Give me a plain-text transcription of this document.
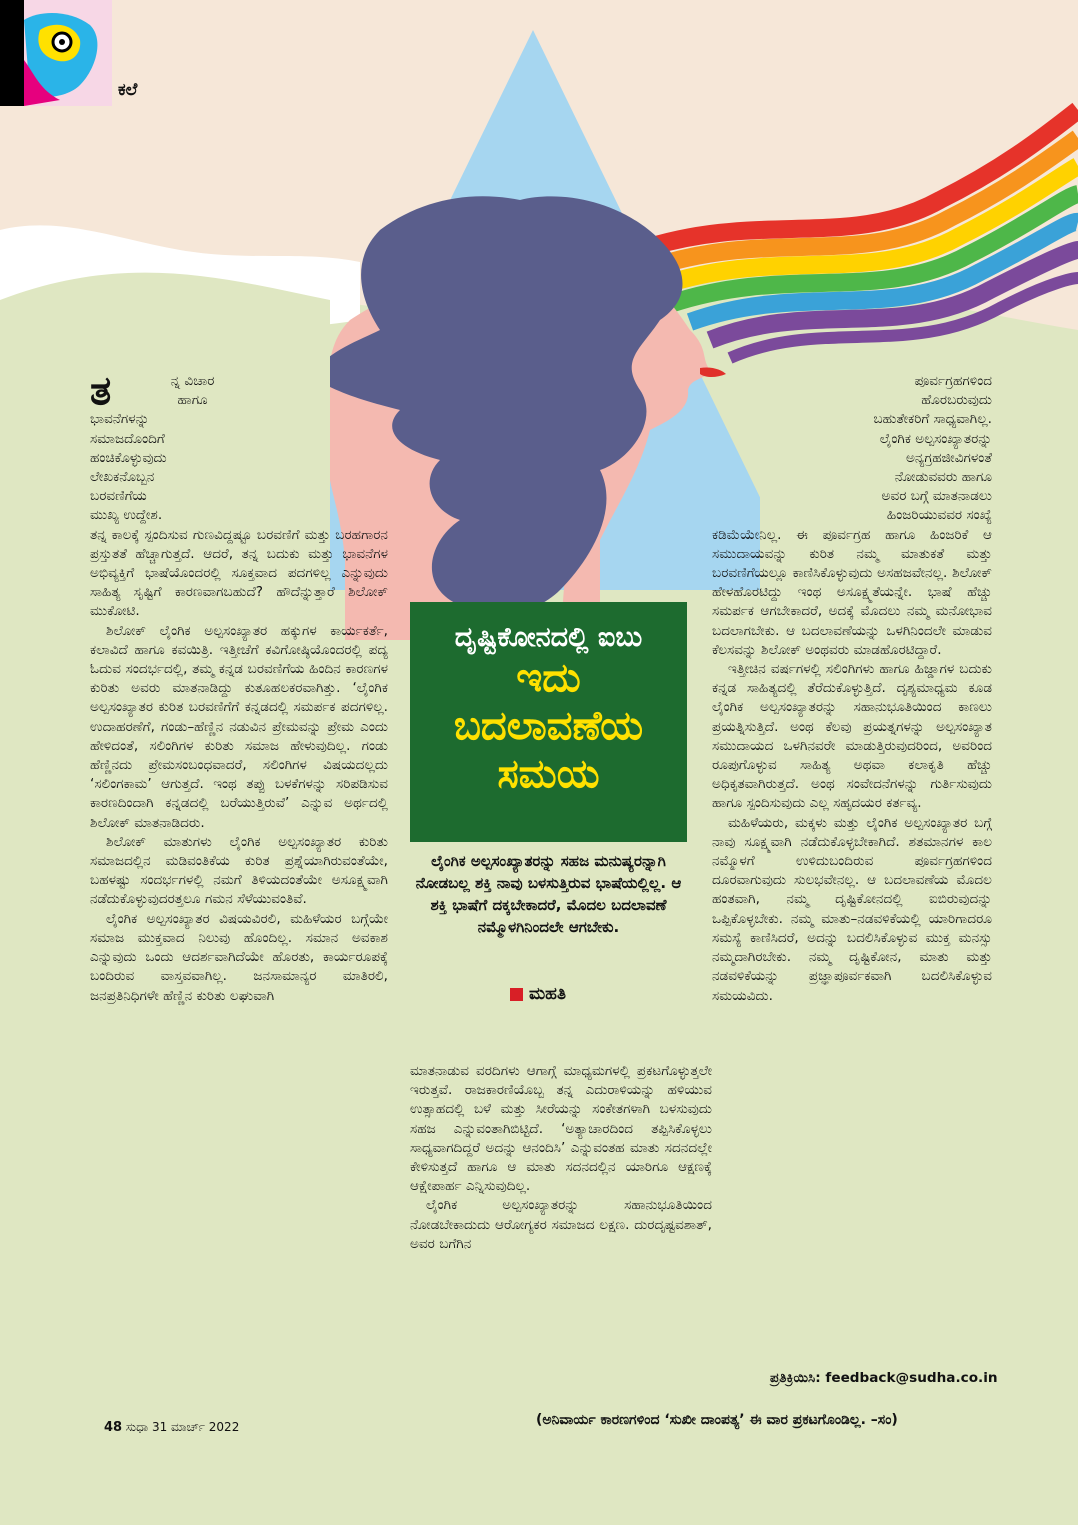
ಕಲೆ

ತ	ನ್ನ ವಿಚಾರ
ಹಾಗೂ
ಭಾವನೆಗಳನ್ನು
ಸಮಾಜದೊಂದಿಗೆ
ಹಂಚಿಕೊಳ್ಳುವುದು
ಲೇಖಕನೊಬ್ಬನ
ಬರವಣಿಗೆಯ
ಮುಖ್ಯ ಉದ್ದೇಶ.

ತನ್ನ ಕಾಲಕ್ಕೆ ಸ್ಪಂದಿಸುವ ಗುಣವಿದ್ದಷ್ಟೂ ಬರವಣಿಗೆ ಮತ್ತು ಬರಹಗಾರನ ಪ್ರಸ್ತುತತೆ ಹೆಚ್ಚಾಗುತ್ತದೆ. ಆದರೆ, ತನ್ನ ಬದುಕು ಮತ್ತು ಭಾವನೆಗಳ ಅಭಿವ್ಯಕ್ತಿಗೆ ಭಾಷೆಯೊಂದರಲ್ಲಿ ಸೂಕ್ತವಾದ ಪದಗಳಿಲ್ಲ ಎನ್ನುವುದು ಸಾಹಿತ್ಯ ಸೃಷ್ಟಿಗೆ ಕಾರಣವಾಗಬಹುದೆ? ಹೌದೆನ್ನುತ್ತಾರೆ ಶಿಲೋಕ್ ಮುಕೋಟಿ.

ಶಿಲೋಕ್ ಲೈಂಗಿಕ ಅಲ್ಪಸಂಖ್ಯಾತರ ಹಕ್ಕುಗಳ ಕಾರ್ಯಕರ್ತೆ, ಕಲಾವಿದೆ ಹಾಗೂ ಕವಯಿತ್ರಿ. ಇತ್ತೀಚೆಗೆ ಕವಿಗೋಷ್ಠಿಯೊಂದರಲ್ಲಿ ಪದ್ಯ ಓದುವ ಸಂದರ್ಭದಲ್ಲಿ, ತಮ್ಮ ಕನ್ನಡ ಬರವಣಿಗೆಯ ಹಿಂದಿನ ಕಾರಣಗಳ ಕುರಿತು ಅವರು ಮಾತನಾಡಿದ್ದು ಕುತೂಹಲಕರವಾಗಿತ್ತು. ‘ಲೈಂಗಿಕ ಅಲ್ಪಸಂಖ್ಯಾತರ ಕುರಿತ ಬರವಣಿಗೆಗೆ ಕನ್ನಡದಲ್ಲಿ ಸಮರ್ಪಕ ಪದಗಳಿಲ್ಲ. ಉದಾಹರಣೆಗೆ, ಗಂಡು–ಹೆಣ್ಣಿನ ನಡುವಿನ ಪ್ರೇಮವನ್ನು ಪ್ರೇಮ ಎಂದು ಹೇಳಿದಂತೆ, ಸಲಿಂಗಿಗಳ ಕುರಿತು ಸಮಾಜ ಹೇಳುವುದಿಲ್ಲ. ಗಂಡು ಹೆಣ್ಣಿನದು ಪ್ರೇಮಸಂಬಂಧವಾದರೆ, ಸಲಿಂಗಿಗಳ ವಿಷಯದಲ್ಲದು ‘ಸಲಿಂಗಕಾಮ’ ಆಗುತ್ತದೆ. ಇಂಥ ತಪ್ಪು ಬಳಕೆಗಳನ್ನು ಸರಿಪಡಿಸುವ ಕಾರಣದಿಂದಾಗಿ ಕನ್ನಡದಲ್ಲಿ ಬರೆಯುತ್ತಿರುವೆ’ ಎನ್ನುವ ಅರ್ಥದಲ್ಲಿ ಶಿಲೋಕ್ ಮಾತನಾಡಿದರು.

ಶಿಲೋಕ್ ಮಾತುಗಳು ಲೈಂಗಿಕ ಅಲ್ಪಸಂಖ್ಯಾತರ ಕುರಿತು ಸಮಾಜದಲ್ಲಿನ ಮಡಿವಂತಿಕೆಯ ಕುರಿತ ಪ್ರಶ್ನೆಯಾಗಿರುವಂತೆಯೇ, ಬಹಳಷ್ಟು ಸಂದರ್ಭಗಳಲ್ಲಿ ನಮಗೆ ತಿಳಿಯದಂತೆಯೇ ಅಸೂಕ್ಷ್ಮವಾಗಿ ನಡೆದುಕೊಳ್ಳುವುದರತ್ತಲೂ ಗಮನ ಸೆಳೆಯುವಂತಿವೆ.

ಲೈಂಗಿಕ ಅಲ್ಪಸಂಖ್ಯಾತರ ವಿಷಯವಿರಲಿ, ಮಹಿಳೆಯರ ಬಗ್ಗೆಯೇ ಸಮಾಜ ಮುಕ್ತವಾದ ನಿಲುವು ಹೊಂದಿಲ್ಲ. ಸಮಾನ ಅವಕಾಶ ಎನ್ನುವುದು ಒಂದು ಆದರ್ಶವಾಗಿದೆಯೇ ಹೊರತು, ಕಾರ್ಯರೂಪಕ್ಕೆ ಬಂದಿರುವ ವಾಸ್ತವವಾಗಿಲ್ಲ. ಜನಸಾಮಾನ್ಯರ ಮಾತಿರಲಿ, ಜನಪ್ರತಿನಿಧಿಗಳೇ ಹೆಣ್ಣಿನ ಕುರಿತು ಲಘುವಾಗಿ

ದೃಷ್ಟಿಕೋನದಲ್ಲಿ ಐಬು
ಇದು
ಬದಲಾವಣೆಯ
ಸಮಯ
ಲೈಂಗಿಕ ಅಲ್ಪಸಂಖ್ಯಾತರನ್ನು ಸಹಜ ಮನುಷ್ಯರನ್ನಾಗಿ ನೋಡಬಲ್ಲ ಶಕ್ತಿ ನಾವು ಬಳಸುತ್ತಿರುವ ಭಾಷೆಯಲ್ಲಿಲ್ಲ. ಆ ಶಕ್ತಿ ಭಾಷೆಗೆ ದಕ್ಕಬೇಕಾದರೆ, ಮೊದಲ ಬದಲಾವಣೆ ನಮ್ಮೊಳಗಿನಿಂದಲೇ ಆಗಬೇಕು.
ಮಹತಿ

ಮಾತನಾಡುವ ವರದಿಗಳು ಆಗಾಗ್ಗೆ ಮಾಧ್ಯಮಗಳಲ್ಲಿ ಪ್ರಕಟಗೊಳ್ಳುತ್ತಲೇ ಇರುತ್ತವೆ. ರಾಜಕಾರಣಿಯೊಬ್ಬ ತನ್ನ ಎದುರಾಳಿಯನ್ನು ಹಳಿಯುವ ಉತ್ಸಾಹದಲ್ಲಿ ಬಳೆ ಮತ್ತು ಸೀರೆಯನ್ನು ಸಂಕೇತಗಳಾಗಿ ಬಳಸುವುದು ಸಹಜ ಎನ್ನುವಂತಾಗಿಬಿಟ್ಟಿದೆ. ‘ಅತ್ಯಾಚಾರದಿಂದ ತಪ್ಪಿಸಿಕೊಳ್ಳಲು ಸಾಧ್ಯವಾಗದಿದ್ದರೆ ಅದನ್ನು ಆನಂದಿಸಿ’ ಎನ್ನುವಂತಹ ಮಾತು ಸದನದಲ್ಲೇ ಕೇಳಿಸುತ್ತದೆ ಹಾಗೂ ಆ ಮಾತು ಸದನದಲ್ಲಿನ ಯಾರಿಗೂ ಆಕ್ಷಣಕ್ಕೆ ಆಕ್ಷೇಪಾರ್ಹ ಎನ್ನಿಸುವುದಿಲ್ಲ.

ಲೈಂಗಿಕ ಅಲ್ಪಸಂಖ್ಯಾತರನ್ನು ಸಹಾನುಭೂತಿಯಿಂದ ನೋಡಬೇಕಾದುದು ಆರೋಗ್ಯಕರ ಸಮಾಜದ ಲಕ್ಷಣ. ದುರದೃಷ್ಟವಶಾತ್, ಅವರ ಬಗೆಗಿನ

ಪೂರ್ವಗ್ರಹಗಳಿಂದ
ಹೊರಬರುವುದು
ಬಹುತೇಕರಿಗೆ ಸಾಧ್ಯವಾಗಿಲ್ಲ.
ಲೈಂಗಿಕ ಅಲ್ಪಸಂಖ್ಯಾತರನ್ನು
ಅನ್ಯಗ್ರಹಜೀವಿಗಳಂತೆ
ನೋಡುವವರು ಹಾಗೂ
ಅವರ ಬಗ್ಗೆ ಮಾತನಾಡಲು
ಹಿಂಜರಿಯುವವರ ಸಂಖ್ಯೆ

ಕಡಿಮೆಯೇನಿಲ್ಲ. ಈ ಪೂರ್ವಗ್ರಹ ಹಾಗೂ ಹಿಂಜರಿಕೆ ಆ ಸಮುದಾಯವನ್ನು ಕುರಿತ ನಮ್ಮ ಮಾತುಕತೆ ಮತ್ತು ಬರವಣಿಗೆಯಲ್ಲೂ ಕಾಣಿಸಿಕೊಳ್ಳುವುದು ಅಸಹಜವೇನಲ್ಲ. ಶಿಲೋಕ್ ಹೇಳಹೊರಟಿದ್ದು ಇಂಥ ಅಸೂಕ್ಷ್ಮತೆಯನ್ನೇ. ಭಾಷೆ ಹೆಚ್ಚು ಸಮರ್ಪಕ ಆಗಬೇಕಾದರೆ, ಅದಕ್ಕೆ ಮೊದಲು ನಮ್ಮ ಮನೋಭಾವ ಬದಲಾಗಬೇಕು. ಆ ಬದಲಾವಣೆಯನ್ನು ಒಳಗಿನಿಂದಲೇ ಮಾಡುವ ಕೆಲಸವನ್ನು ಶಿಲೋಕ್ ಅಂಥವರು ಮಾಡಹೊರಟಿದ್ದಾರೆ.

ಇತ್ತೀಚಿನ ವರ್ಷಗಳಲ್ಲಿ ಸಲಿಂಗಿಗಳು ಹಾಗೂ ಹಿಜ್ಡಾಗಳ ಬದುಕು ಕನ್ನಡ ಸಾಹಿತ್ಯದಲ್ಲಿ ತೆರೆದುಕೊಳ್ಳುತ್ತಿದೆ. ದೃಶ್ಯಮಾಧ್ಯಮ ಕೂಡ ಲೈಂಗಿಕ ಅಲ್ಪಸಂಖ್ಯಾತರನ್ನು ಸಹಾನುಭೂತಿಯಿಂದ ಕಾಣಲು ಪ್ರಯತ್ನಿಸುತ್ತಿದೆ. ಅಂಥ ಕೆಲವು ಪ್ರಯತ್ನಗಳನ್ನು ಅಲ್ಪಸಂಖ್ಯಾತ ಸಮುದಾಯದ ಒಳಗಿನವರೇ ಮಾಡುತ್ತಿರುವುದರಿಂದ, ಅವರಿಂದ ರೂಪುಗೊಳ್ಳುವ ಸಾಹಿತ್ಯ ಅಥವಾ ಕಲಾಕೃತಿ ಹೆಚ್ಚು ಅಧಿಕೃತವಾಗಿರುತ್ತದೆ. ಅಂಥ ಸಂವೇದನೆಗಳನ್ನು ಗುರ್ತಿಸುವುದು ಹಾಗೂ ಸ್ಪಂದಿಸುವುದು ಎಲ್ಲ ಸಹೃದಯರ ಕರ್ತವ್ಯ.

ಮಹಿಳೆಯರು, ಮಕ್ಕಳು ಮತ್ತು ಲೈಂಗಿಕ ಅಲ್ಪಸಂಖ್ಯಾತರ ಬಗ್ಗೆ ನಾವು ಸೂಕ್ಷ್ಮವಾಗಿ ನಡೆದುಕೊಳ್ಳಬೇಕಾಗಿದೆ. ಶತಮಾನಗಳ ಕಾಲ ನಮ್ಮೊಳಗೆ ಉಳಿದುಬಂದಿರುವ ಪೂರ್ವಗ್ರಹಗಳಿಂದ ದೂರವಾಗುವುದು ಸುಲಭವೇನಲ್ಲ. ಆ ಬದಲಾವಣೆಯ ಮೊದಲ ಹಂತವಾಗಿ, ನಮ್ಮ ದೃಷ್ಟಿಕೋನದಲ್ಲಿ ಐಬಿರುವುದನ್ನು ಒಪ್ಪಿಕೊಳ್ಳಬೇಕು. ನಮ್ಮ ಮಾತು–ನಡವಳಿಕೆಯಲ್ಲಿ ಯಾರಿಗಾದರೂ ಸಮಸ್ಯೆ ಕಾಣಿಸಿದರೆ, ಅದನ್ನು ಬದಲಿಸಿಕೊಳ್ಳುವ ಮುಕ್ತ ಮನಸ್ಸು ನಮ್ಮದಾಗಿರಬೇಕು. ನಮ್ಮ ದೃಷ್ಟಿಕೋನ, ಮಾತು ಮತ್ತು ನಡವಳಿಕೆಯನ್ನು ಪ್ರಜ್ಞಾಪೂರ್ವಕವಾಗಿ ಬದಲಿಸಿಕೊಳ್ಳುವ ಸಮಯವಿದು.

ಪ್ರತಿಕ್ರಿಯಿಸಿ: feedback@sudha.co.in
(ಅನಿವಾರ್ಯ ಕಾರಣಗಳಿಂದ ‘ಸುಖೀ ದಾಂಪತ್ಯ’ ಈ ವಾರ ಪ್ರಕಟಗೊಂಡಿಲ್ಲ. –ಸಂ)
48 ಸುಧಾ 31 ಮಾರ್ಚ್ 2022
